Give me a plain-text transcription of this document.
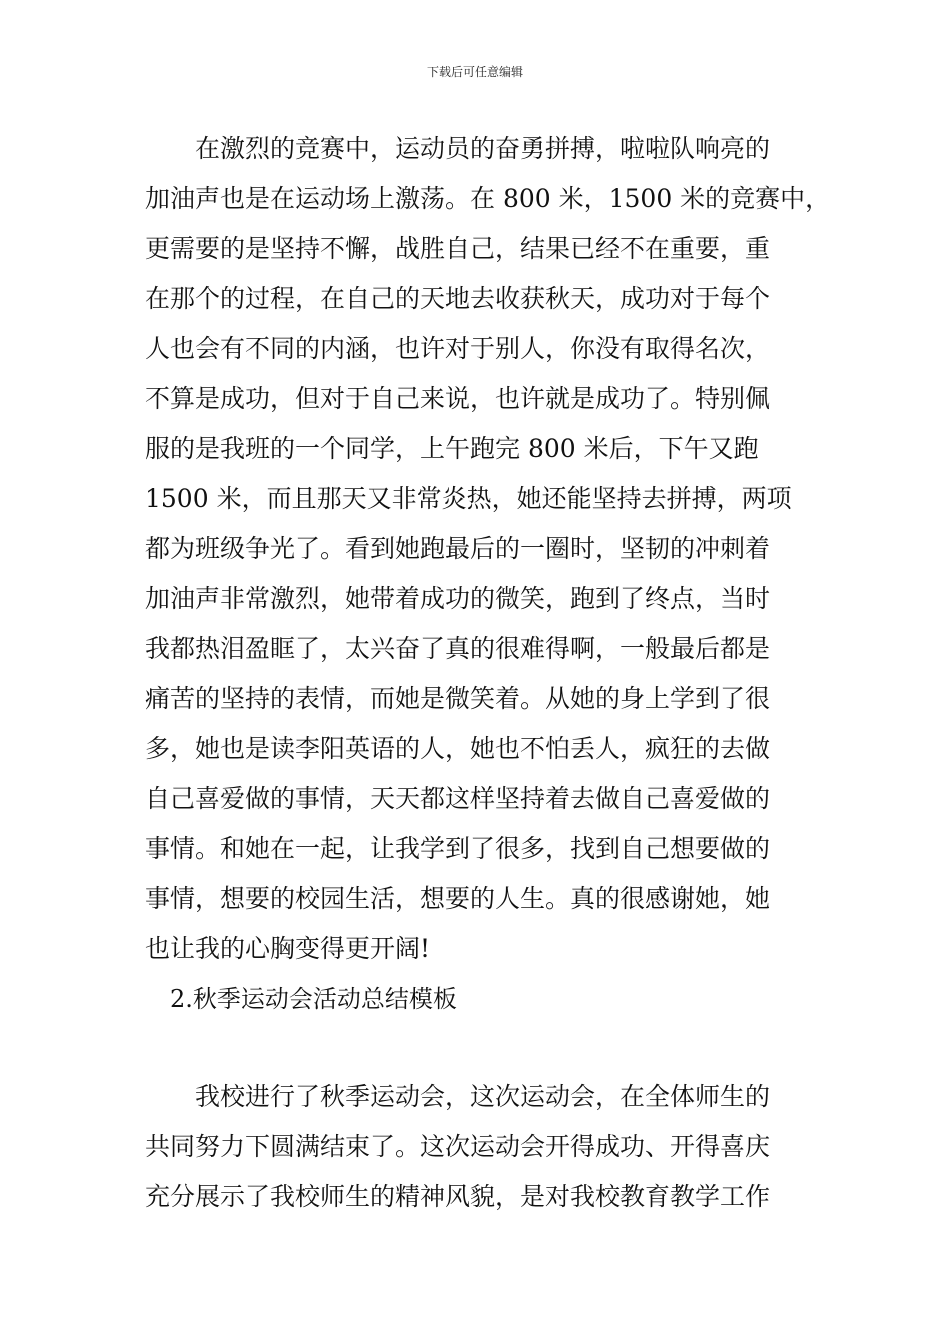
下载后可任意编辑
　　在激烈的竞赛中，运动员的奋勇拼搏，啦啦队响亮的
加油声也是在运动场上激荡。在 800 米，1500 米的竞赛中，
更需要的是坚持不懈，战胜自己，结果已经不在重要，重
在那个的过程，在自己的天地去收获秋天，成功对于每个
人也会有不同的内涵，也许对于别人，你没有取得名次，
不算是成功，但对于自己来说，也许就是成功了。特别佩
服的是我班的一个同学，上午跑完 800 米后，下午又跑
1500 米，而且那天又非常炎热，她还能坚持去拼搏，两项
都为班级争光了。看到她跑最后的一圈时，坚韧的冲刺着
加油声非常激烈，她带着成功的微笑，跑到了终点，当时
我都热泪盈眶了，太兴奋了真的很难得啊，一般最后都是
痛苦的坚持的表情，而她是微笑着。从她的身上学到了很
多，她也是读李阳英语的人，她也不怕丢人，疯狂的去做
自己喜爱做的事情，天天都这样坚持着去做自己喜爱做的
事情。和她在一起，让我学到了很多，找到自己想要做的
事情，想要的校园生活，想要的人生。真的很感谢她，她
也让我的心胸变得更开阔!
2.秋季运动会活动总结模板
　　我校进行了秋季运动会，这次运动会，在全体师生的
共同努力下圆满结束了。这次运动会开得成功、开得喜庆
充分展示了我校师生的精神风貌，是对我校教育教学工作
